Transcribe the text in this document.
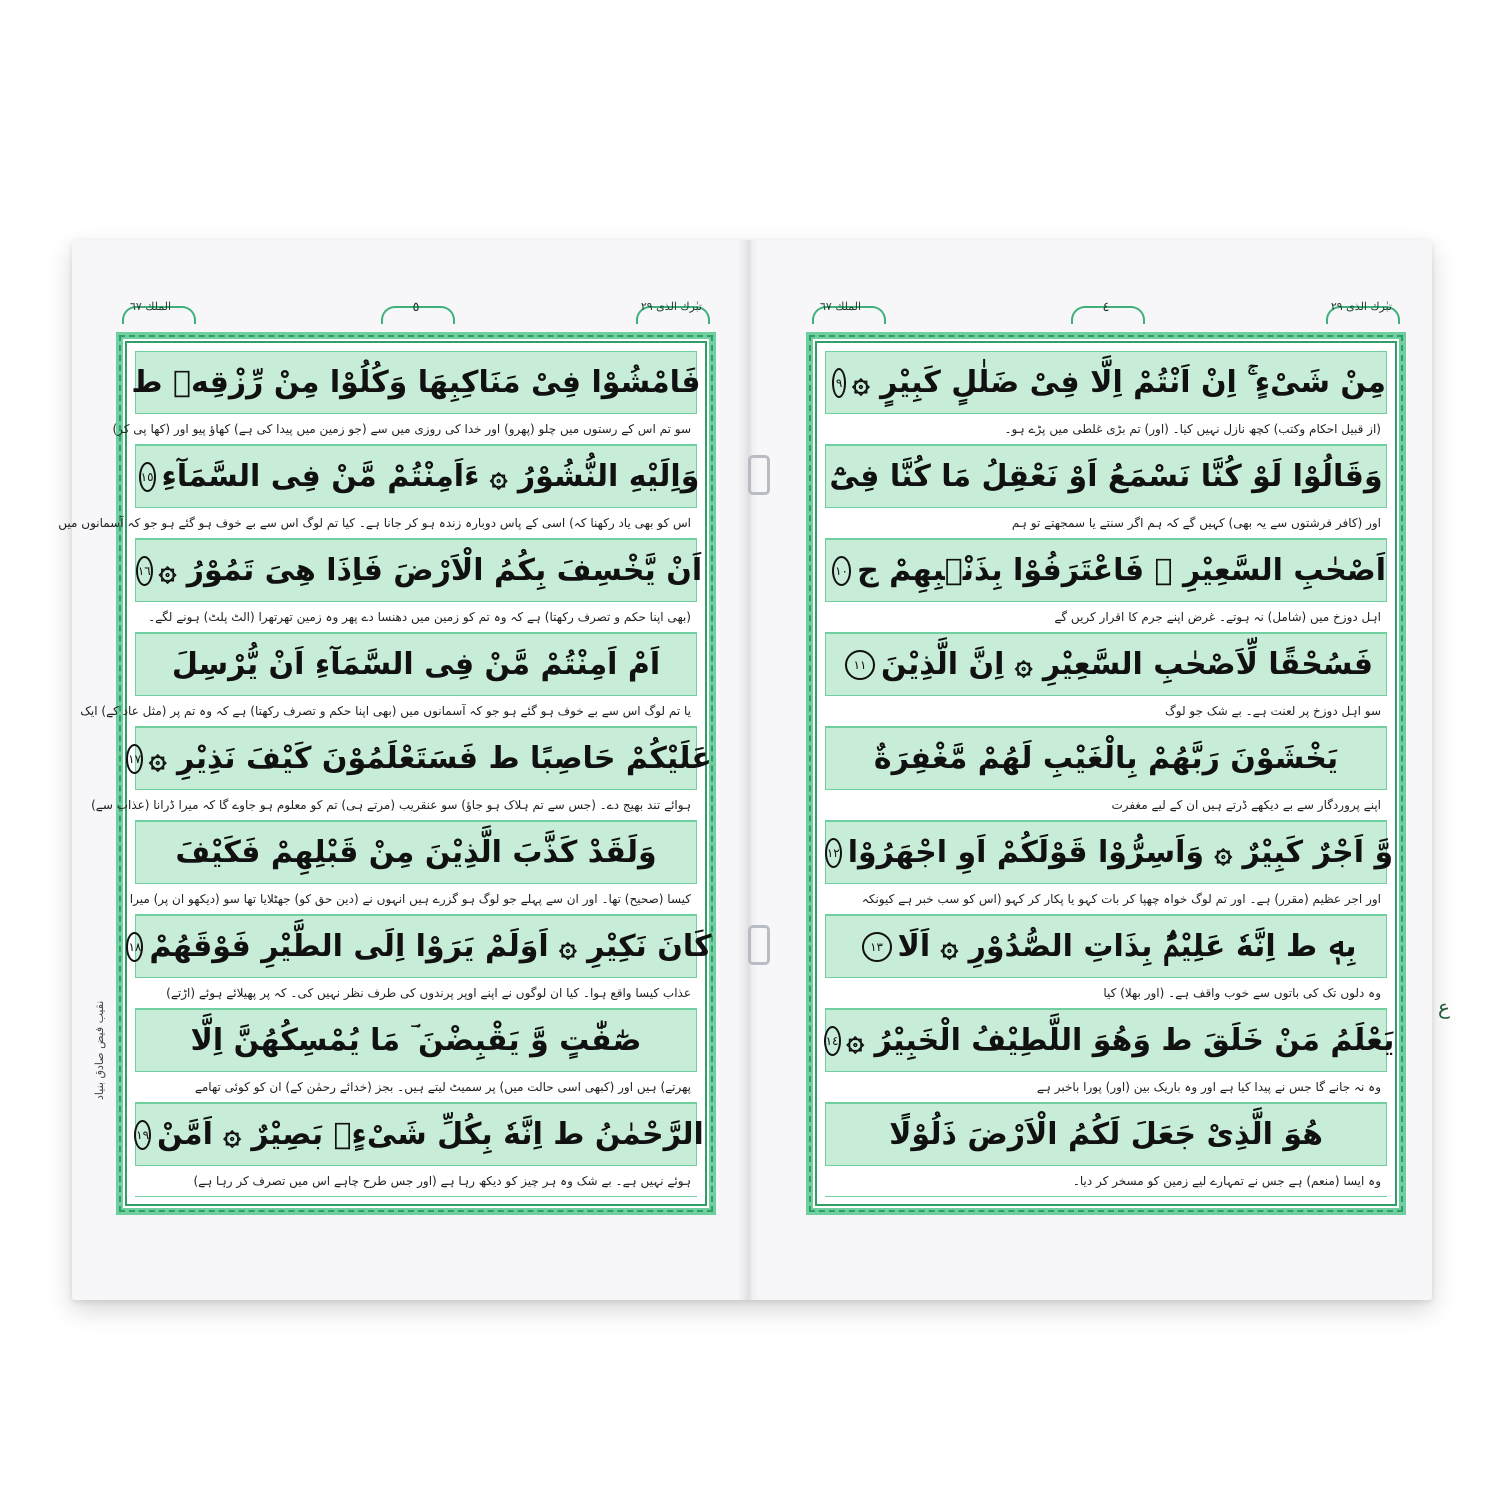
الملك ٦٧	٥	تبٰرك الذی ٢٩
فَامْشُوْا فِیْ مَنَاكِبِهَا وَكُلُوْا مِنْ رِّزْقِهٖ ط
سو تم اس کے رستوں میں چلو (پھرو) اور خدا کی روزی میں سے (جو زمین میں پیدا کی ہے) کھاؤ پیو اور (کھا پی کر)
وَاِلَیْهِ النُّشُوْرُ ۞ ءَاَمِنْتُمْ مَّنْ فِی السَّمَآءِ
١٥
اس کو بھی یاد رکھنا کہ) اسی کے پاس دوبارہ زندہ ہو کر جانا ہے۔ کیا تم لوگ اس سے بے خوف ہو گئے ہو جو کہ آسمانوں میں
اَنْ یَّخْسِفَ بِكُمُ الْاَرْضَ فَاِذَا هِیَ تَمُوْرُ ۞
١٦
(بھی اپنا حکم و تصرف رکھتا) ہے کہ وہ تم کو زمین میں دھنسا دے پھر وہ زمین تھرتھرا (الٹ پلٹ) ہونے لگے۔
اَمْ اَمِنْتُمْ مَّنْ فِی السَّمَآءِ اَنْ یُّرْسِلَ
یا تم لوگ اس سے بے خوف ہو گئے ہو جو کہ آسمانوں میں (بھی اپنا حکم و تصرف رکھتا) ہے کہ وہ تم پر (مثل عاد کے) ایک
عَلَیْكُمْ حَاصِبًا ط فَسَتَعْلَمُوْنَ كَیْفَ نَذِیْرِ ۞
١٧
ہوائے تند بھیج دے۔ (جس سے تم ہلاک ہو جاؤ) سو عنقریب (مرتے ہی) تم کو معلوم ہو جاوے گا کہ میرا ڈرانا (عذاب سے)
وَلَقَدْ كَذَّبَ الَّذِیْنَ مِنْ قَبْلِهِمْ فَكَیْفَ
کیسا (صحیح) تھا۔ اور ان سے پہلے جو لوگ ہو گزرے ہیں انہوں نے (دین حق کو) جھٹلایا تھا سو (دیکھو ان پر) میرا
كَانَ نَكِیْرِ ۞ اَوَلَمْ یَرَوْا اِلَی الطَّیْرِ فَوْقَهُمْ
١٨
عذاب کیسا واقع ہوا۔ کیا ان لوگوں نے اپنے اوپر پرندوں کی طرف نظر نہیں کی۔ کہ پر پھیلائے ہوئے (اڑتے)
صٰٓفّٰتٍ وَّ یَقْبِضْنَ ؔ مَا یُمْسِكُهُنَّ اِلَّا
پھرتے) ہیں اور (کبھی اسی حالت میں) پر سمیٹ لیتے ہیں۔ بجز (خدائے رحمٰن کے) ان کو کوئی تھامے
الرَّحْمٰنُ ط اِنَّهٗ بِكُلِّ شَیْءٍۭ بَصِیْرٌ ۞ اَمَّنْ
١٩
ہوئے نہیں ہے۔ بے شک وہ ہر چیز کو دیکھ رہا ہے (اور جس طرح چاہے اس میں تصرف کر رہا ہے)
الملك ٦٧	٤	تبٰرك الذی ٢٩
مِنْ شَیْءٍ ۚ اِنْ اَنْتُمْ اِلَّا فِیْ ضَلٰلٍ كَبِیْرٍ ۞
٩
(از قبیل احکام وکتب) کچھ نازل نہیں کیا۔ (اور) تم بڑی غلطی میں پڑے ہو۔
وَقَالُوْا لَوْ كُنَّا نَسْمَعُ اَوْ نَعْقِلُ مَا كُنَّا فِیْٓ
اور (کافر فرشتوں سے یہ بھی) کہیں گے کہ ہم اگر سنتے یا سمجھتے تو ہم
اَصْحٰبِ السَّعِیْرِ ۞ فَاعْتَرَفُوْا بِذَنْۢبِهِمْ ج
١٠
اہل دوزخ میں (شامل) نہ ہوتے۔ غرض اپنے جرم کا اقرار کریں گے
فَسُحْقًا لِّاَصْحٰبِ السَّعِیْرِ ۞ اِنَّ الَّذِیْنَ
١١
سو اہل دوزخ پر لعنت ہے۔ بے شک جو لوگ
یَخْشَوْنَ رَبَّهُمْ بِالْغَیْبِ لَهُمْ مَّغْفِرَةٌ
اپنے پروردگار سے بے دیکھے ڈرتے ہیں ان کے لیے مغفرت
وَّ اَجْرٌ كَبِیْرٌ ۞ وَاَسِرُّوْا قَوْلَكُمْ اَوِ اجْهَرُوْا
١٢
اور اجر عظیم (مقرر) ہے۔ اور تم لوگ خواہ چھپا کر بات کہو یا پکار کر کہو (اس کو سب خبر ہے کیونکہ
بِهٖ ط اِنَّهٗ عَلِیْمٌۢ بِذَاتِ الصُّدُوْرِ ۞ اَلَا
١٣
وہ دلوں تک کی باتوں سے خوب واقف ہے۔ (اور بھلا) کیا
یَعْلَمُ مَنْ خَلَقَ ط وَهُوَ اللَّطِیْفُ الْخَبِیْرُ ۞
١٤
وہ نہ جانے گا جس نے پیدا کیا ہے اور وہ باریک بین (اور) پورا باخبر ہے
هُوَ الَّذِیْ جَعَلَ لَكُمُ الْاَرْضَ ذَلُوْلًا
وہ ایسا (منعم) ہے جس نے تمہارے لیے زمین کو مسخر کر دیا۔
ع
نقیب فیض صادق بنیاد
